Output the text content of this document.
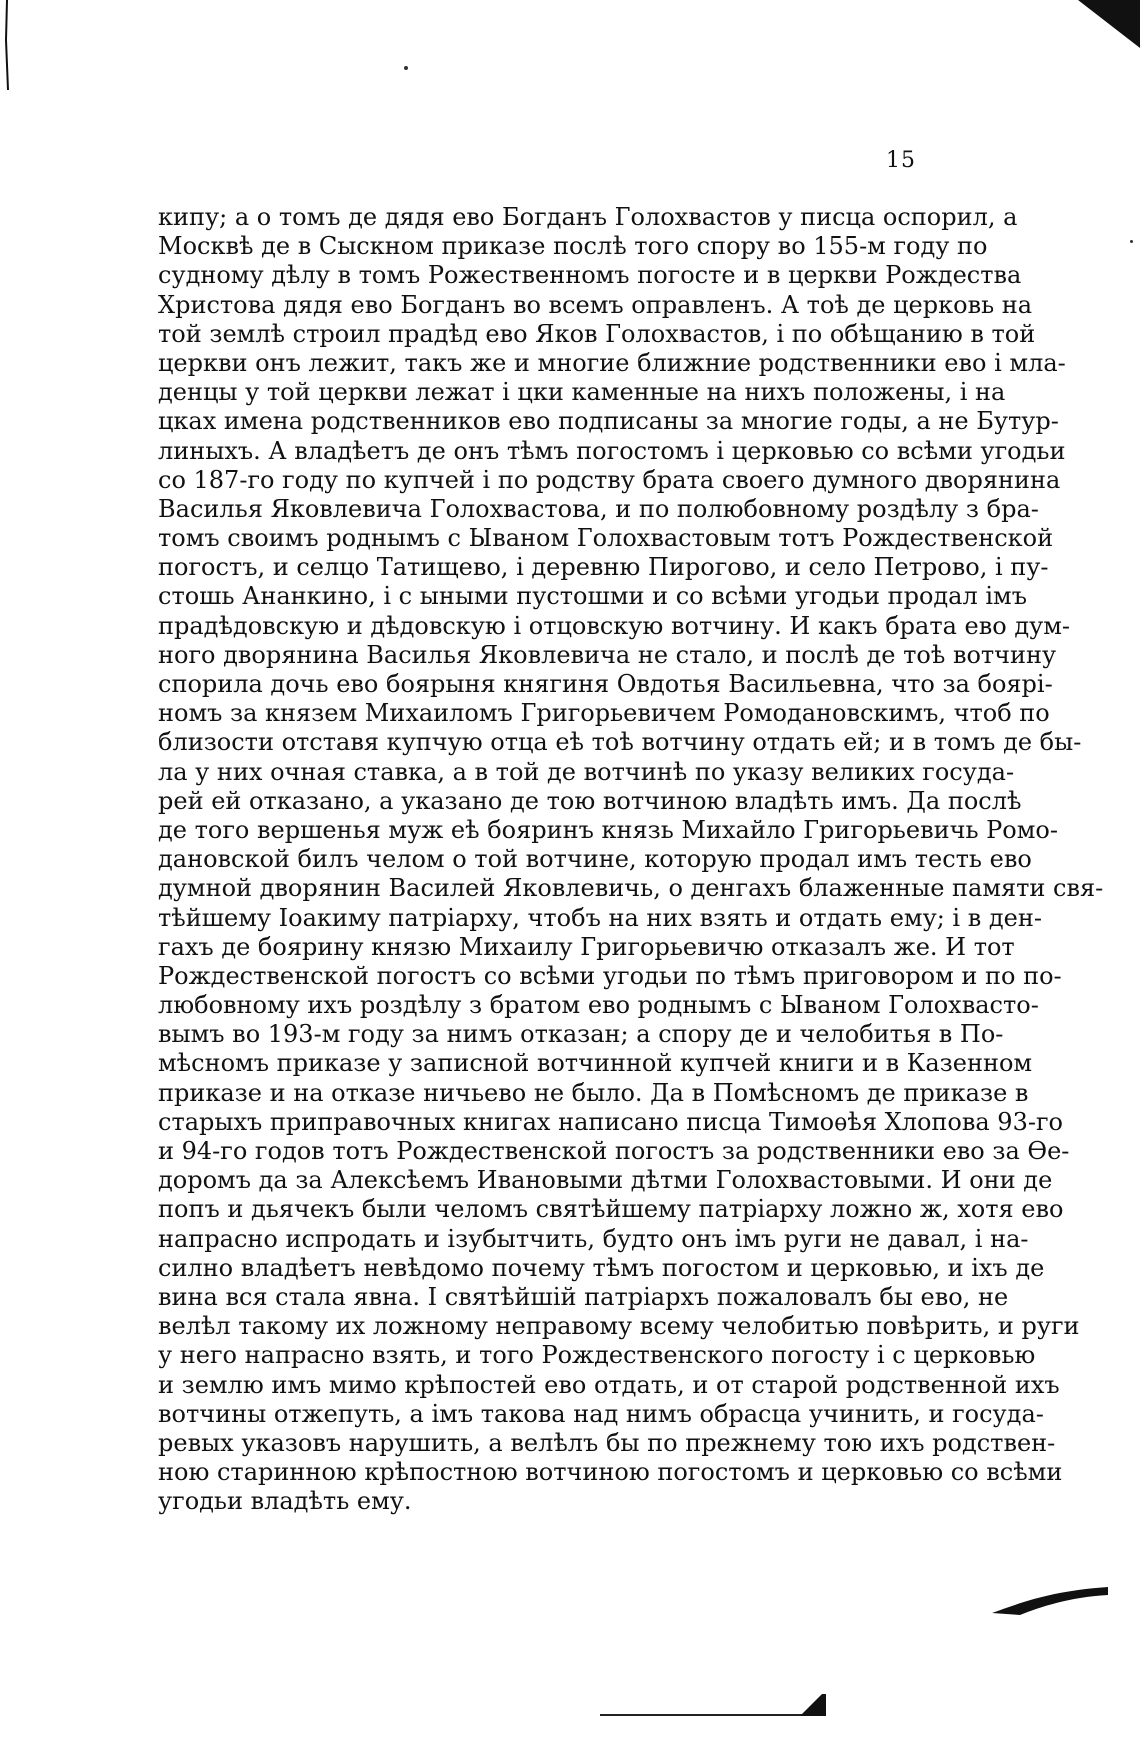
15
кипу; а о томъ де дядя ево Богданъ Голохвастов у писца оспорил, а
Москвѣ де в Сыскном приказе послѣ того спору во 155-м году по
судному дѣлу в томъ Рожественномъ погосте и в церкви Рождества
Христова дядя ево Богданъ во всемъ оправленъ. А тоѣ де церковь на
той землѣ строил прадѣд ево Яков Голохвастов, і по обѣщанию в той
церкви онъ лежит, такъ же и многие ближние родственники ево і мла-
денцы у той церкви лежат і цки каменные на нихъ положены, і на
цках имена родственников ево подписаны за многие годы, а не Бутур-
линыхъ. А владѣетъ де онъ тѣмъ погостомъ і церковью со всѣми угодьи
со 187-го году по купчей і по родству брата своего думного дворянина
Василья Яковлевича Голохвастова, и по полюбовному роздѣлу з бра-
томъ своимъ роднымъ с Ываном Голохвастовым тотъ Рождественской
погостъ, и селцо Татищево, і деревню Пирогово, и село Петрово, і пу-
стошь Ананкино, і с ыными пустошми и со всѣми угодьи продал імъ
прадѣдовскую и дѣдовскую і отцовскую вотчину. И какъ брата ево дум-
ного дворянина Василья Яковлевича не стало, и послѣ де тоѣ вотчину
спорила дочь ево боярыня княгиня Овдотья Васильевна, что за боярі-
номъ за князем Михаиломъ Григорьевичем Ромодановскимъ, чтоб по
близости отставя купчую отца еѣ тоѣ вотчину отдать ей; и в томъ де бы-
ла у них очная ставка, а в той де вотчинѣ по указу великих госуда-
рей ей отказано, а указано де тою вотчиною владѣть имъ. Да послѣ
де того вершенья муж еѣ бояринъ князь Михайло Григорьевичь Ромо-
дановской билъ челом о той вотчине, которую продал имъ тесть ево
думной дворянин Василей Яковлевичь, о денгахъ блаженные памяти свя-
тѣйшему Іоакиму патріарху, чтобъ на них взять и отдать ему; і в ден-
гахъ де боярину князю Михаилу Григорьевичю отказалъ же. И тот
Рождественской погостъ со всѣми угодьи по тѣмъ приговором и по по-
любовному ихъ роздѣлу з братом ево роднымъ с Ываном Голохвасто-
вымъ во 193-м году за нимъ отказан; а спору де и челобитья в По-
мѣсномъ приказе у записной вотчинной купчей книги и в Казенном
приказе и на отказе ничьево не было. Да в Помѣсномъ де приказе в
старыхъ приправочных книгах написано писца Тимоѳѣя Хлопова 93-го
и 94-го годов тотъ Рождественской погостъ за родственники ево за Ѳе-
доромъ да за Алексѣемъ Ивановыми дѣтми Голохвастовыми. И они де
попъ и дьячекъ были челомъ святѣйшему патріарху ложно ж, хотя ево
напрасно испродать и ізубытчить, будто онъ імъ руги не давал, і на-
силно владѣетъ невѣдомо почему тѣмъ погостом и церковью, и іхъ де
вина вся стала явна. І святѣйшій патріархъ пожаловалъ бы ево, не
велѣл такому их ложному неправому всему челобитью повѣрить, и руги
у него напрасно взять, и того Рождественского погосту і с церковью
и землю имъ мимо крѣпостей ево отдать, и от старой родственной ихъ
вотчины отжепуть, а імъ такова над нимъ обрасца учинить, и госуда-
ревых указовъ нарушить, а велѣлъ бы по прежнему тою ихъ родствен-
ною старинною крѣпостною вотчиною погостомъ и церковью со всѣми
угодьи владѣть ему.
